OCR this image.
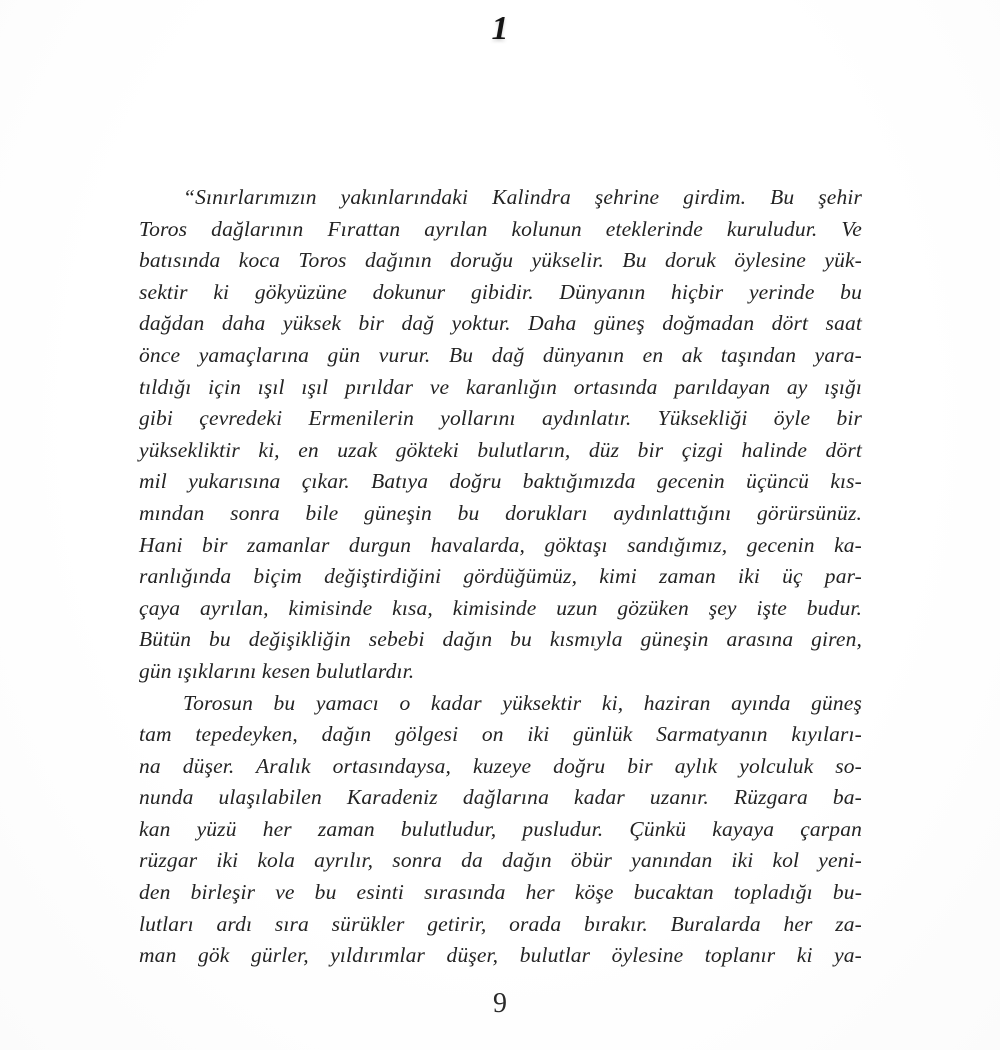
1
“Sınırlarımızın yakınlarındaki Kalindra şehrine girdim. Bu şehir
Toros dağlarının Fırattan ayrılan kolunun eteklerinde kuruludur. Ve
batısında koca Toros dağının doruğu yükselir. Bu doruk öylesine yük-
sektir ki gökyüzüne dokunur gibidir. Dünyanın hiçbir yerinde bu
dağdan daha yüksek bir dağ yoktur. Daha güneş doğmadan dört saat
önce yamaçlarına gün vurur. Bu dağ dünyanın en ak taşından yara-
tıldığı için ışıl ışıl pırıldar ve karanlığın ortasında parıldayan ay ışığı
gibi çevredeki Ermenilerin yollarını aydınlatır. Yüksekliği öyle bir
yüksekliktir ki, en uzak gökteki bulutların, düz bir çizgi halinde dört
mil yukarısına çıkar. Batıya doğru baktığımızda gecenin üçüncü kıs-
mından sonra bile güneşin bu dorukları aydınlattığını görürsünüz.
Hani bir zamanlar durgun havalarda, göktaşı sandığımız, gecenin ka-
ranlığında biçim değiştirdiğini gördüğümüz, kimi zaman iki üç par-
çaya ayrılan, kimisinde kısa, kimisinde uzun gözüken şey işte budur.
Bütün bu değişikliğin sebebi dağın bu kısmıyla güneşin arasına giren,
gün ışıklarını kesen bulutlardır.
Torosun bu yamacı o kadar yüksektir ki, haziran ayında güneş
tam tepedeyken, dağın gölgesi on iki günlük Sarmatyanın kıyıları-
na düşer. Aralık ortasındaysa, kuzeye doğru bir aylık yolculuk so-
nunda ulaşılabilen Karadeniz dağlarına kadar uzanır. Rüzgara ba-
kan yüzü her zaman bulutludur, pusludur. Çünkü kayaya çarpan
rüzgar iki kola ayrılır, sonra da dağın öbür yanından iki kol yeni-
den birleşir ve bu esinti sırasında her köşe bucaktan topladığı bu-
lutları ardı sıra sürükler getirir, orada bırakır. Buralarda her za-
man gök gürler, yıldırımlar düşer, bulutlar öylesine toplanır ki ya-
9
